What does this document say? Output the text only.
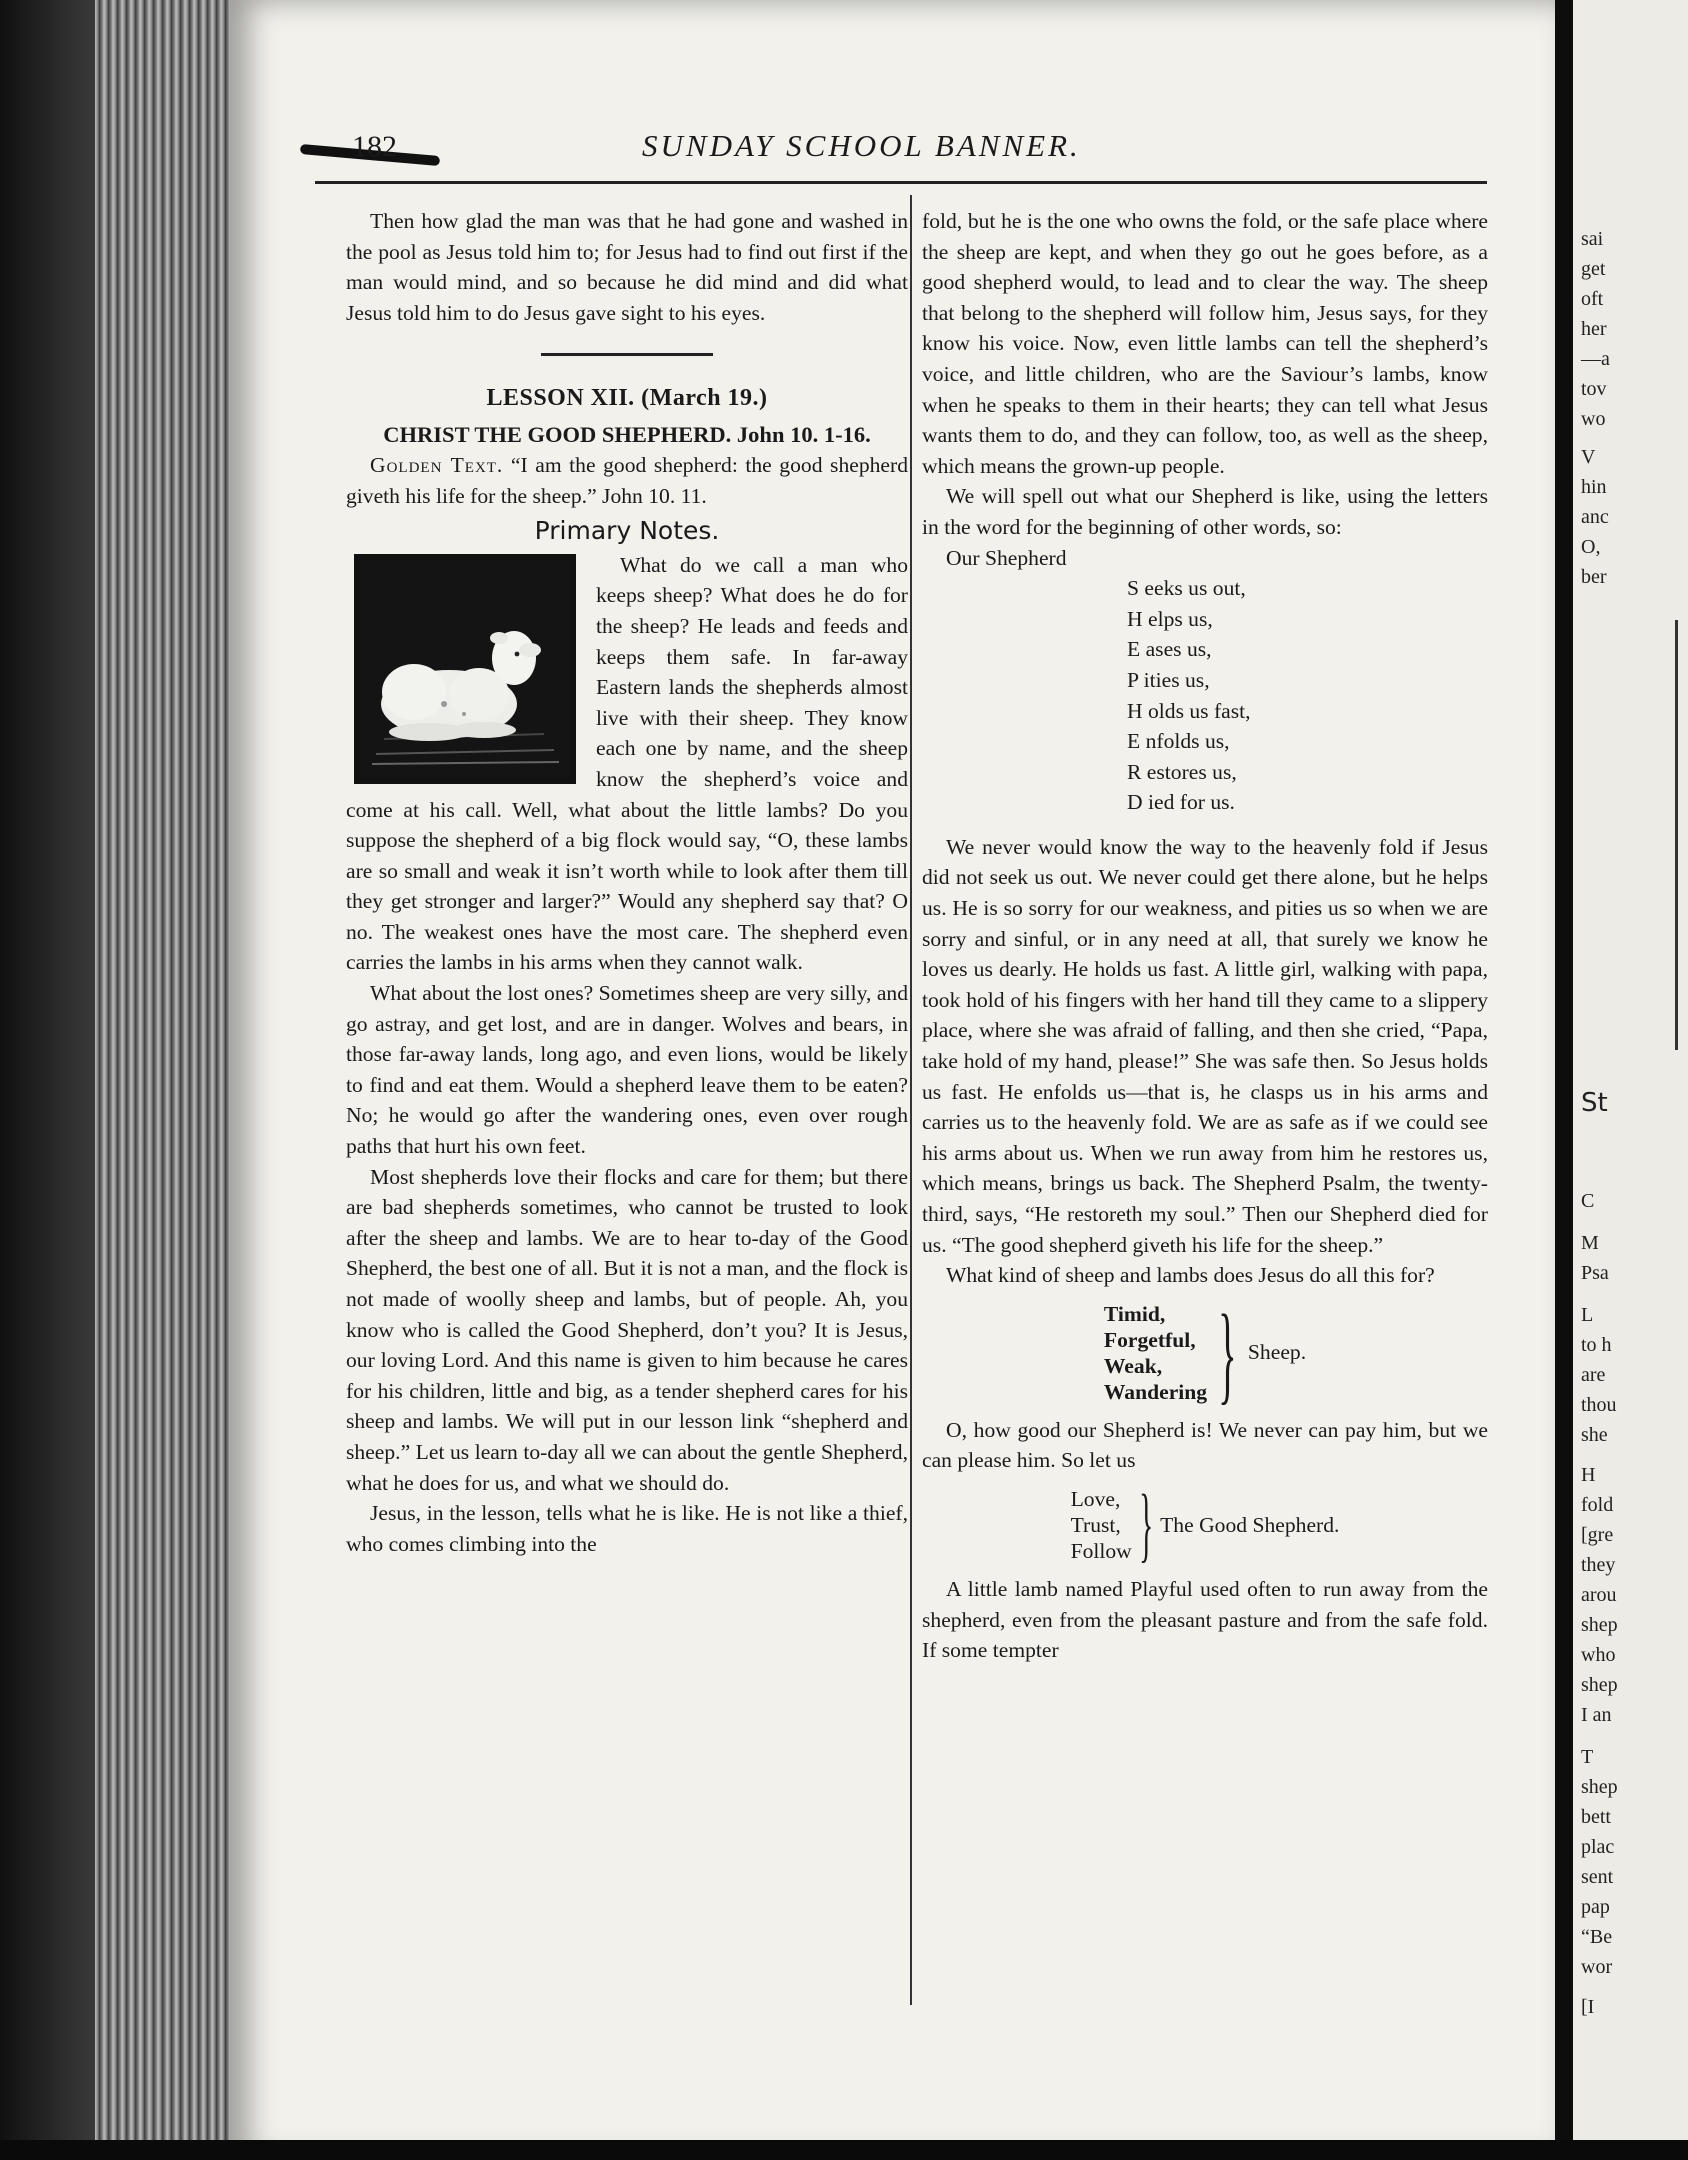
182	SUNDAY SCHOOL BANNER.

Then how glad the man was that he had gone and washed in the pool as Jesus told him to; for Jesus had to find out first if the man would mind, and so because he did mind and did what Jesus told him to do Jesus gave sight to his eyes.

LESSON XII. (March 19.)
CHRIST THE GOOD SHEPHERD. John 10. 1-16.

Golden Text. “I am the good shepherd: the good shepherd giveth his life for the sheep.” John 10. 11.

Primary Notes.

What do we call a man who keeps sheep? What does he do for the sheep? He leads and feeds and keeps them safe. In far-away Eastern lands the shepherds almost live with their sheep. They know each one by name, and the sheep know the shepherd’s voice and come at his call. Well, what about the little lambs? Do you suppose the shepherd of a big flock would say, “O, these lambs are so small and weak it isn’t worth while to look after them till they get stronger and larger?” Would any shepherd say that? O no. The weakest ones have the most care. The shepherd even carries the lambs in his arms when they cannot walk.

What about the lost ones? Sometimes sheep are very silly, and go astray, and get lost, and are in danger. Wolves and bears, in those far-away lands, long ago, and even lions, would be likely to find and eat them. Would a shepherd leave them to be eaten? No; he would go after the wandering ones, even over rough paths that hurt his own feet.

Most shepherds love their flocks and care for them; but there are bad shepherds sometimes, who cannot be trusted to look after the sheep and lambs. We are to hear to-day of the Good Shepherd, the best one of all. But it is not a man, and the flock is not made of woolly sheep and lambs, but of people. Ah, you know who is called the Good Shepherd, don’t you? It is Jesus, our loving Lord. And this name is given to him because he cares for his children, little and big, as a tender shepherd cares for his sheep and lambs. We will put in our lesson link “shepherd and sheep.” Let us learn to-day all we can about the gentle Shepherd, what he does for us, and what we should do.

Jesus, in the lesson, tells what he is like. He is not like a thief, who comes climbing into the

fold, but he is the one who owns the fold, or the safe place where the sheep are kept, and when they go out he goes before, as a good shepherd would, to lead and to clear the way. The sheep that belong to the shepherd will follow him, Jesus says, for they know his voice. Now, even little lambs can tell the shepherd’s voice, and little children, who are the Saviour’s lambs, know when he speaks to them in their hearts; they can tell what Jesus wants them to do, and they can follow, too, as well as the sheep, which means the grown-up people.

We will spell out what our Shepherd is like, using the letters in the word for the beginning of other words, so:

Our Shepherd

S eeks us out,
H elps us,
E ases us,
P ities us,
H olds us fast,
E nfolds us,
R estores us,
D ied for us.

We never would know the way to the heavenly fold if Jesus did not seek us out. We never could get there alone, but he helps us. He is so sorry for our weakness, and pities us so when we are sorry and sinful, or in any need at all, that surely we know he loves us dearly. He holds us fast. A little girl, walking with papa, took hold of his fingers with her hand till they came to a slippery place, where she was afraid of falling, and then she cried, “Papa, take hold of my hand, please!” She was safe then. So Jesus holds us fast. He enfolds us—that is, he clasps us in his arms and carries us to the heavenly fold. We are as safe as if we could see his arms about us. When we run away from him he restores us, which means, brings us back. The Shepherd Psalm, the twenty-third, says, “He restoreth my soul.” Then our Shepherd died for us. “The good shepherd giveth his life for the sheep.”

What kind of sheep and lambs does Jesus do all this for?

Timid,
Forgetful,
Weak,
Wandering } Sheep.

O, how good our Shepherd is! We never can pay him, but we can please him. So let us

Love,
Trust,
Follow } The Good Shepherd.

A little lamb named Playful used often to run away from the shepherd, even from the pleasant pasture and from the safe fold. If some tempter

sai
get
oft
her
—a
tov
wo
V
hin
anc
O,
ber
St
C
M
Psa
L
to h
are
thou
she
H
fold
[gre
they
arou
shep
who
shep
I an
T
shep
bett
plac
sent
pap
“Be
wor
[I
